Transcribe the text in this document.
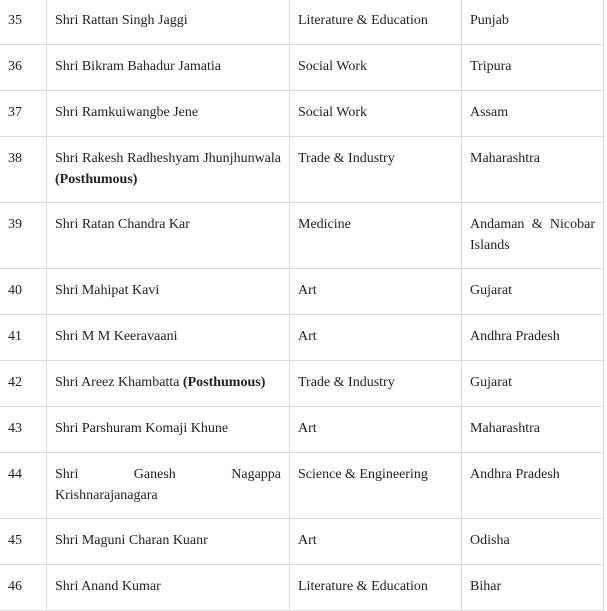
35	Shri Rattan Singh Jaggi	Literature & Education	Punjab
36	Shri Bikram Bahadur Jamatia	Social Work	Tripura
37	Shri Ramkuiwangbe Jene	Social Work	Assam
38	Shri Rakesh Radheshyam Jhunjhunwala (Posthumous)	Trade & Industry	Maharashtra
39	Shri Ratan Chandra Kar	Medicine	Andaman & Nicobar Islands
40	Shri Mahipat Kavi	Art	Gujarat
41	Shri M M Keeravaani	Art	Andhra Pradesh
42	Shri Areez Khambatta (Posthumous)	Trade & Industry	Gujarat
43	Shri Parshuram Komaji Khune	Art	Maharashtra
44	Shri Ganesh Nagappa Krishnarajanagara	Science & Engineering	Andhra Pradesh
45	Shri Maguni Charan Kuanr	Art	Odisha
46	Shri Anand Kumar	Literature & Education	Bihar
